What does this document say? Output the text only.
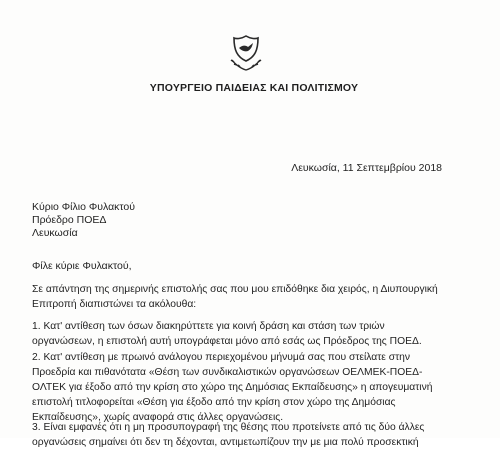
ΥΠΟΥΡΓΕΙΟ ΠΑΙΔΕΙΑΣ ΚΑΙ ΠΟΛΙΤΙΣΜΟΥ
Λευκωσία, 11 Σεπτεμβρίου 2018
Κύριο Φίλιο Φυλακτού
Πρόεδρο ΠΟΕΔ
Λευκωσία
Φίλε κύριε Φυλακτού,
Σε απάντηση της σημερινής επιστολής σας που μου επιδόθηκε δια χειρός, η Διυπουργική
Επιτροπή διαπιστώνει τα ακόλουθα:
1. Κατ' αντίθεση των όσων διακηρύττετε για κοινή δράση και στάση των τριών
οργανώσεων, η επιστολή αυτή υπογράφεται μόνο από εσάς ως Πρόεδρος της ΠΟΕΔ.
2. Κατ' αντίθεση με πρωινό ανάλογου περιεχομένου μήνυμά σας που στείλατε στην
Προεδρία και πιθανότατα «Θέση των συνδικαλιστικών οργανώσεων ΟΕΛΜΕΚ-ΠΟΕΔ-
ΟΛΤΕΚ για έξοδο από την κρίση στο χώρο της Δημόσιας Εκπαίδευσης» η απογευματινή
επιστολή τιτλοφορείται «Θέση για έξοδο από την κρίση στον χώρο της Δημόσιας
Εκπαίδευσης», χωρίς αναφορά στις άλλες οργανώσεις.
3. Είναι εμφανές ότι η μη προσυπογραφή της θέσης που προτείνετε από τις δύο άλλες
οργανώσεις σημαίνει ότι δεν τη δέχονται, αντιμετωπίζουν την με μια πολύ προσεκτική
